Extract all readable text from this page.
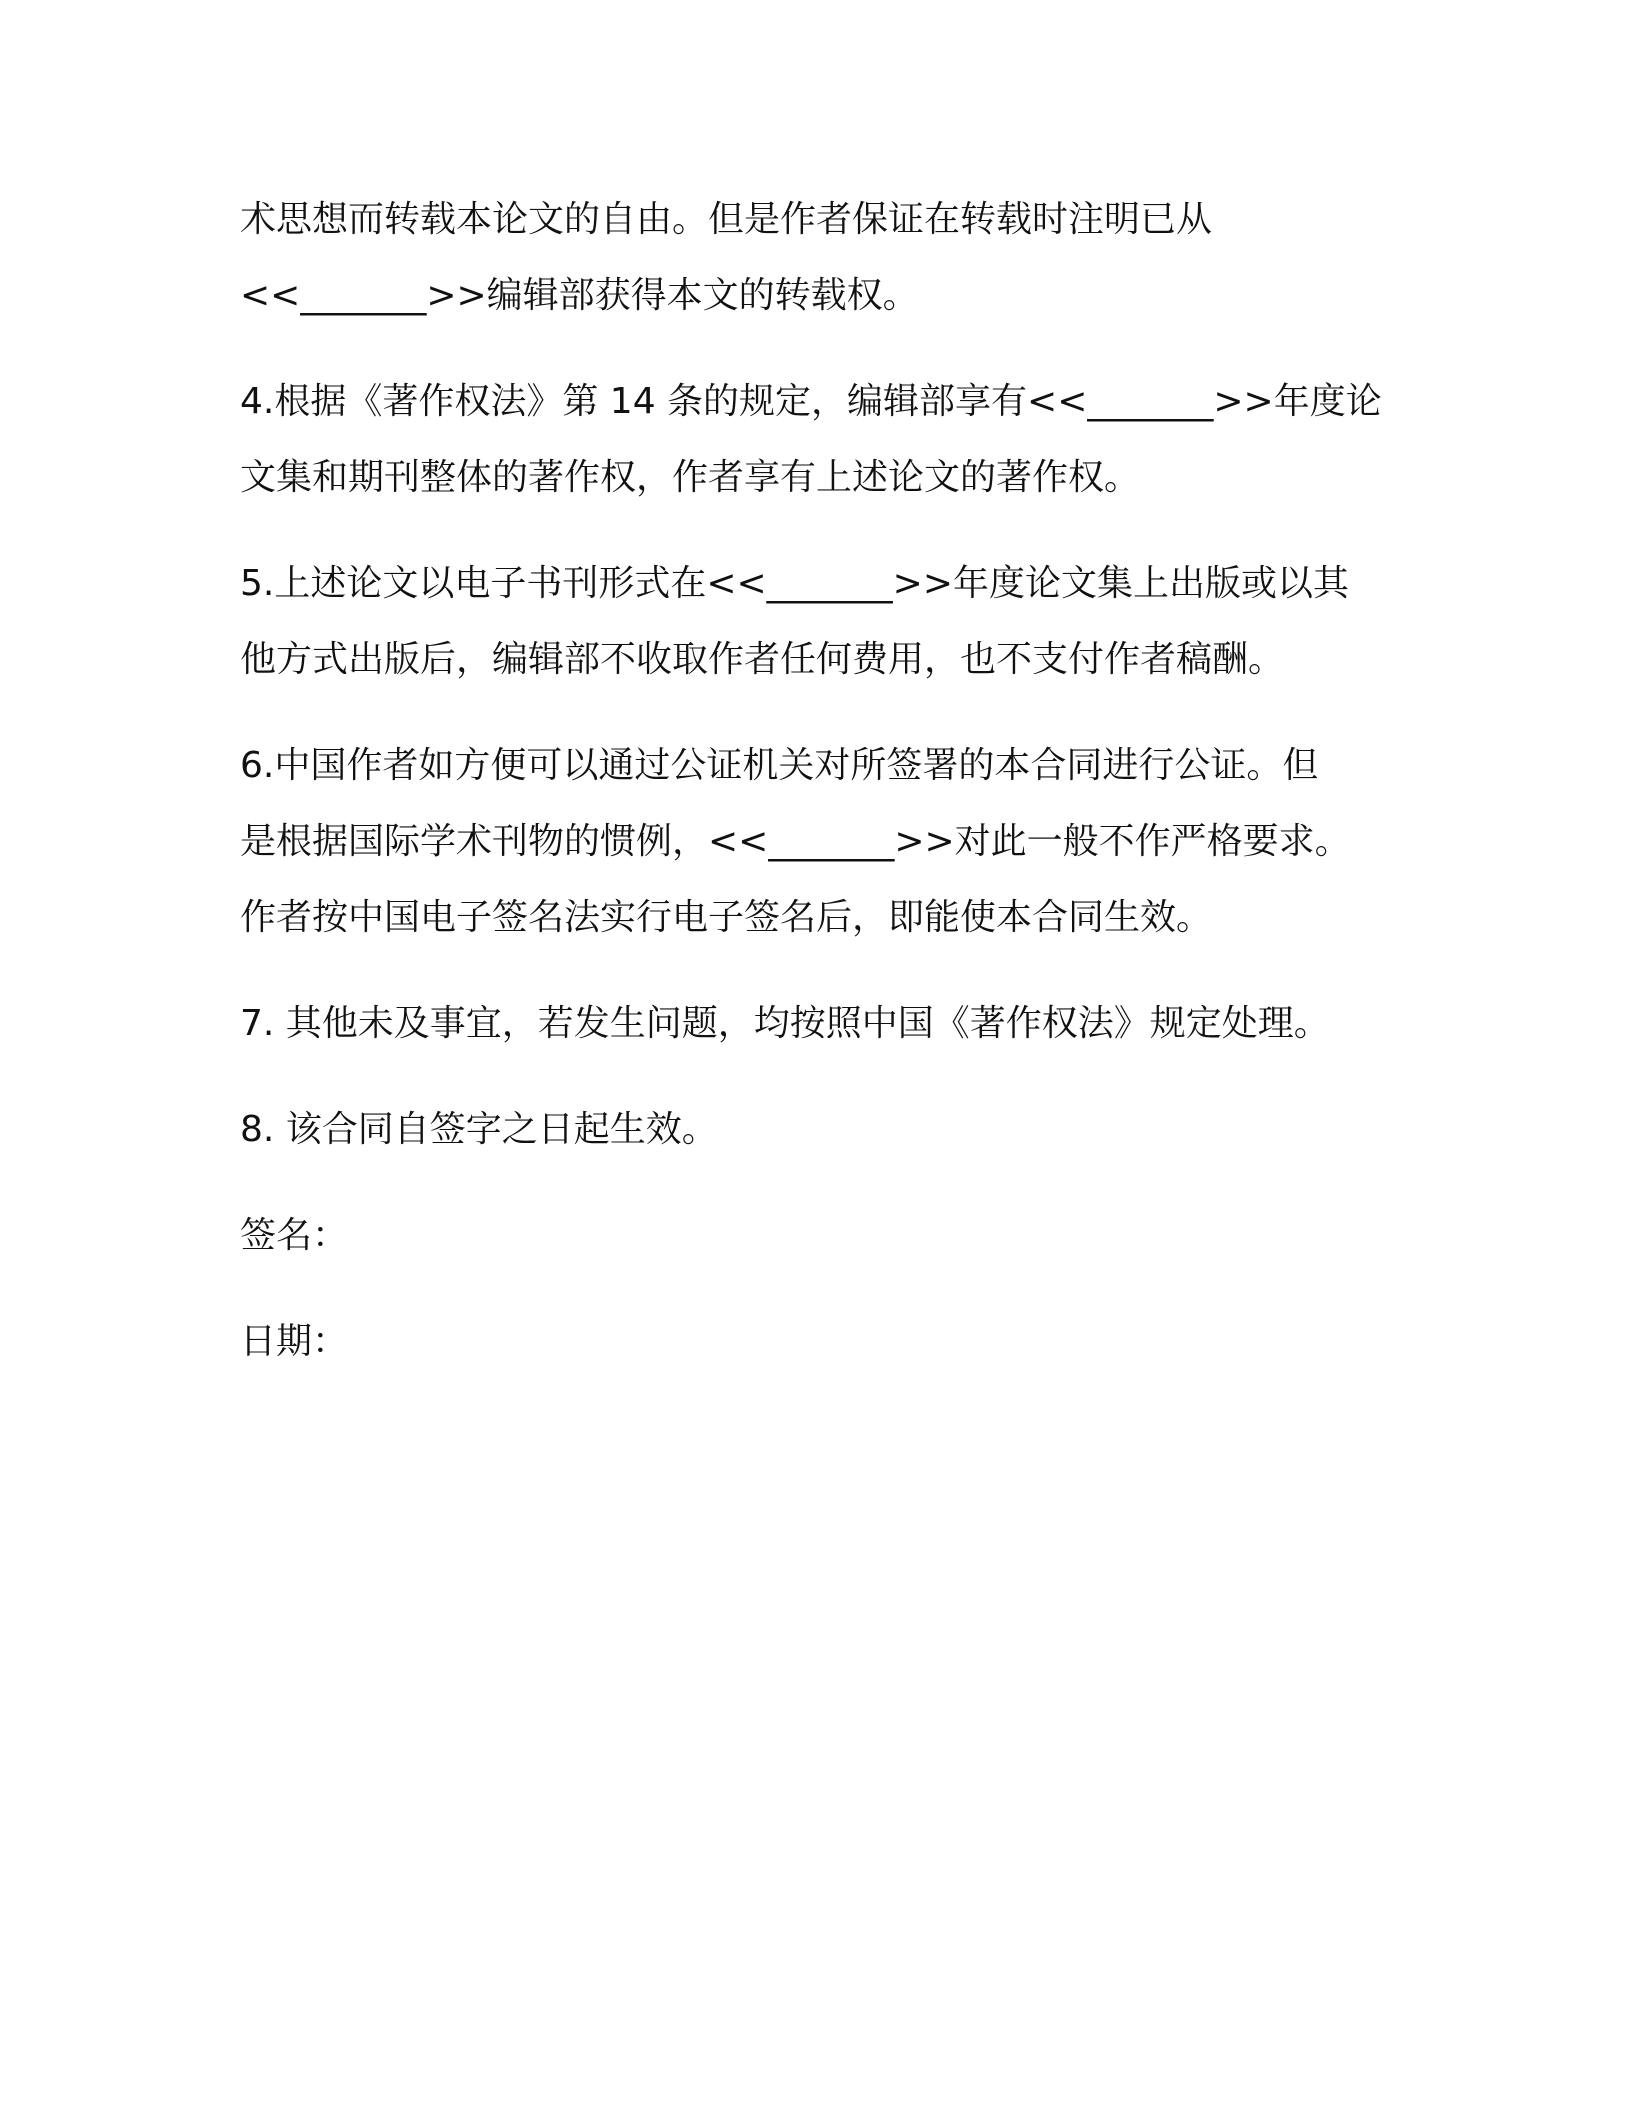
术思想而转载本论文的自由。但是作者保证在转载时注明已从
<<_______>>编辑部获得本文的转载权。
4.根据《著作权法》第 14 条的规定，编辑部享有<<_______>>年度论
文集和期刊整体的著作权，作者享有上述论文的著作权。
5.上述论文以电子书刊形式在<<_______>>年度论文集上出版或以其
他方式出版后，编辑部不收取作者任何费用，也不支付作者稿酬。
6.中国作者如方便可以通过公证机关对所签署的本合同进行公证。但
是根据国际学术刊物的惯例，<<_______>>对此一般不作严格要求。
作者按中国电子签名法实行电子签名后，即能使本合同生效。
7. 其他未及事宜，若发生问题，均按照中国《著作权法》规定处理。
8. 该合同自签字之日起生效。
签名：
日期：
